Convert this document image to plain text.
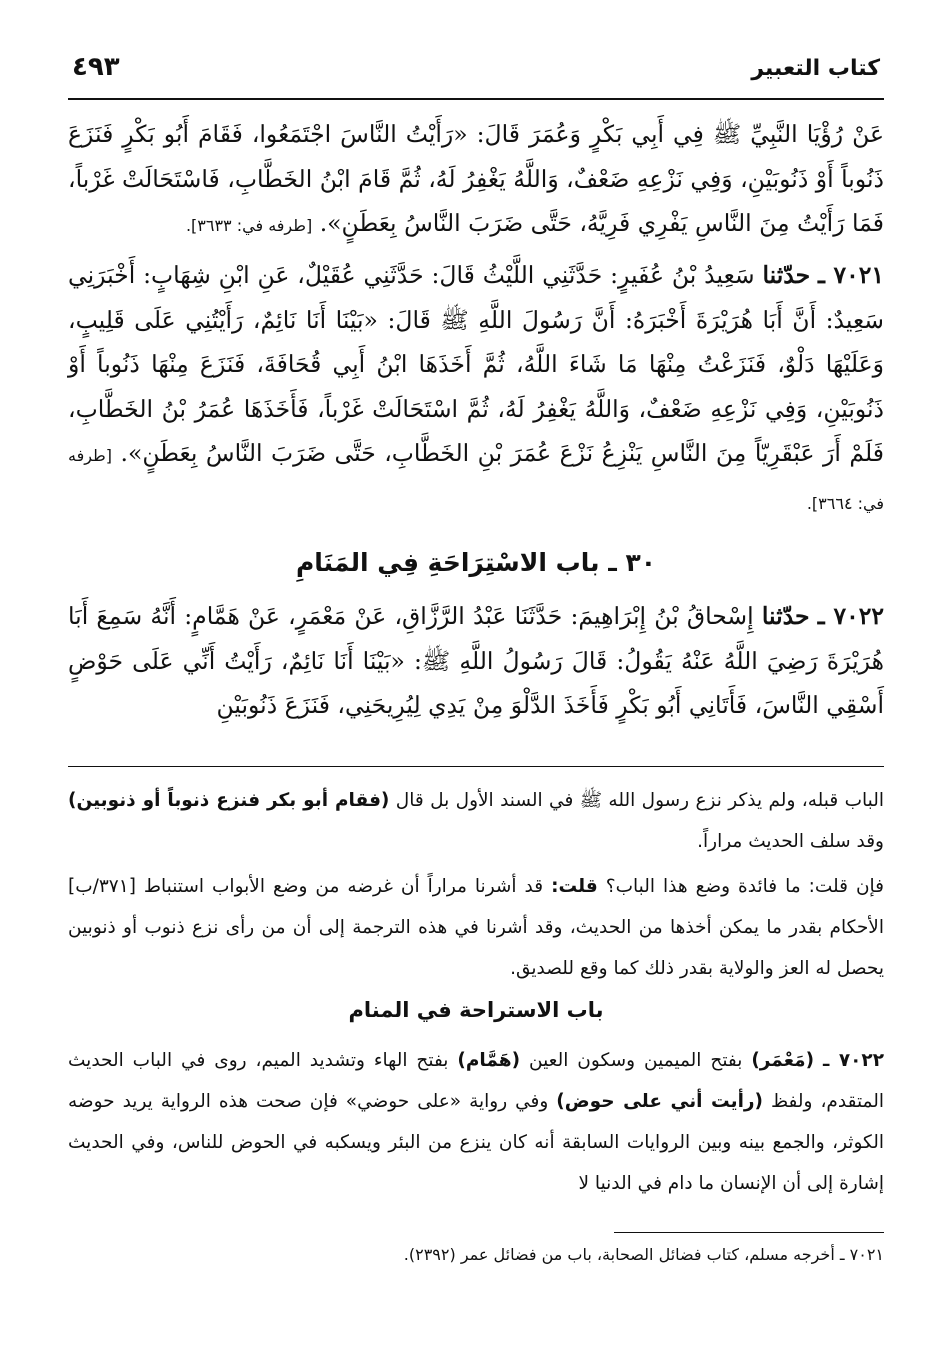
٤٩٣	كتاب التعبير

عَنْ رُؤْيَا النَّبِيِّ ﷺ فِي أَبِي بَكْرٍ وَعُمَرَ قَالَ: «رَأَيْتُ النَّاسَ اجْتَمَعُوا، فَقَامَ أَبُو بَكْرٍ فَنَزَعَ ذَنُوباً أَوْ ذَنُوبَيْنِ، وَفِي نَزْعِهِ ضَعْفٌ، وَاللَّهُ يَغْفِرُ لَهُ، ثُمَّ قَامَ ابْنُ الخَطَّابِ، فَاسْتَحَالَتْ غَرْباً، فَمَا رَأَيْتُ مِنَ النَّاسِ يَفْرِي فَرِيَّهُ، حَتَّى ضَرَبَ النَّاسُ بِعَطَنٍ». [طرفه في: ٣٦٣٣].

٧٠٢١ ـ حدّثنا سَعِيدُ بْنُ عُفَيرٍ: حَدَّثَنِي اللَّيْثُ قَالَ: حَدَّثَنِي عُقَيْلٌ، عَنِ ابْنِ شِهَابٍ: أَخْبَرَنِي سَعِيدٌ: أَنَّ أَبَا هُرَيْرَةَ أَخْبَرَهُ: أَنَّ رَسُولَ اللَّهِ ﷺ قَالَ: «بَيْنَا أَنَا نَائِمٌ، رَأَيْتُنِي عَلَى قَلِيبٍ، وَعَلَيْهَا دَلْوٌ، فَنَزَعْتُ مِنْهَا مَا شَاءَ اللَّهُ، ثُمَّ أَخَذَهَا ابْنُ أَبِي قُحَافَةَ، فَنَزَعَ مِنْهَا ذَنُوباً أَوْ ذَنُوبَيْنِ، وَفِي نَزْعِهِ ضَعْفٌ، وَاللَّهُ يَغْفِرُ لَهُ، ثُمَّ اسْتَحَالَتْ غَرْباً، فَأَخَذَهَا عُمَرُ بْنُ الخَطَّابِ، فَلَمْ أَرَ عَبْقَرِيّاً مِنَ النَّاسِ يَنْزِعُ نَزْعَ عُمَرَ بْنِ الخَطَّابِ، حَتَّى ضَرَبَ النَّاسُ بِعَطَنٍ». [طرفه في: ٣٦٦٤].

٣٠ ـ باب الاسْتِرَاحَةِ فِي المَنَامِ

٧٠٢٢ ـ حدّثنا إِسْحاقُ بْنُ إِبْرَاهِيمَ: حَدَّثَنَا عَبْدُ الرَّزَّاقِ، عَنْ مَعْمَرٍ، عَنْ هَمَّامٍ: أَنَّهُ سَمِعَ أَبَا هُرَيْرَةَ رَضِيَ اللَّهُ عَنْهُ يَقُولُ: قَالَ رَسُولُ اللَّهِ ﷺ: «بَيْنَا أَنَا نَائِمٌ، رَأَيْتُ أَنِّي عَلَى حَوْضٍ أَسْقِي النَّاسَ، فَأَتَانِي أَبُو بَكْرٍ فَأَخَذَ الدَّلْوَ مِنْ يَدِي لِيُرِيحَنِي، فَنَزَعَ ذَنُوبَيْنِ

الباب قبله، ولم يذكر نزع رسول الله ﷺ في السند الأول بل قال (فقام أبو بكر فنزع ذنوباً أو ذنوبين) وقد سلف الحديث مراراً.

فإن قلت: ما فائدة وضع هذا الباب؟ قلت: قد أشرنا مراراً أن غرضه من وضع الأبواب استنباط [٣٧١/ب] الأحكام بقدر ما يمكن أخذها من الحديث، وقد أشرنا في هذه الترجمة إلى أن من رأى نزع ذنوب أو ذنوبين يحصل له العز والولاية بقدر ذلك كما وقع للصديق.

باب الاستراحة في المنام

٧٠٢٢ ـ (مَعْمَر) بفتح الميمين وسكون العين (هَمَّام) بفتح الهاء وتشديد الميم، روى في الباب الحديث المتقدم، ولفظ (رأيت أني على حوض) وفي رواية «على حوضي» فإن صحت هذه الرواية يريد حوضه الكوثر، والجمع بينه وبين الروايات السابقة أنه كان ينزع من البئر ويسكبه في الحوض للناس، وفي الحديث إشارة إلى أن الإنسان ما دام في الدنيا لا

٧٠٢١ ـ أخرجه مسلم، كتاب فضائل الصحابة، باب من فضائل عمر (٢٣٩٢).
